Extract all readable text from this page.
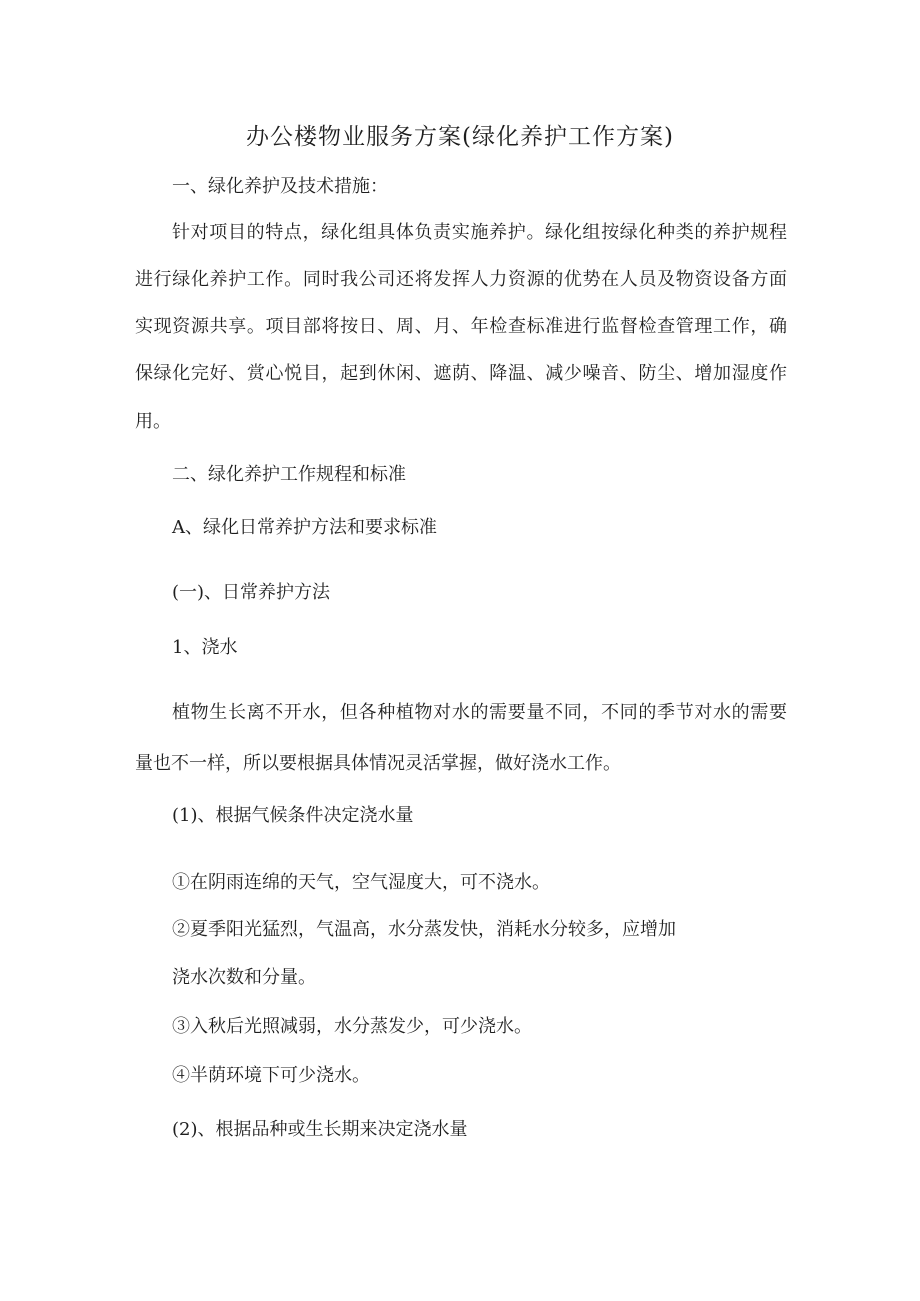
办公楼物业服务方案(绿化养护工作方案)
一、绿化养护及技术措施：
针对项目的特点，绿化组具体负责实施养护。绿化组按绿化种类的养护规程
进行绿化养护工作。同时我公司还将发挥人力资源的优势在人员及物资设备方面
实现资源共享。项目部将按日、周、月、年检查标准进行监督检查管理工作，确
保绿化完好、赏心悦目，起到休闲、遮荫、降温、减少噪音、防尘、增加湿度作
用。
二、绿化养护工作规程和标准
A、绿化日常养护方法和要求标准
(一)、日常养护方法
1、浇水
植物生长离不开水，但各种植物对水的需要量不同，不同的季节对水的需要
量也不一样，所以要根据具体情况灵活掌握，做好浇水工作。
(1)、根据气候条件决定浇水量
①在阴雨连绵的天气，空气湿度大，可不浇水。
②夏季阳光猛烈，气温高，水分蒸发快，消耗水分较多，应增加
浇水次数和分量。
③入秋后光照减弱，水分蒸发少，可少浇水。
④半荫环境下可少浇水。
(2)、根据品种或生长期来决定浇水量
